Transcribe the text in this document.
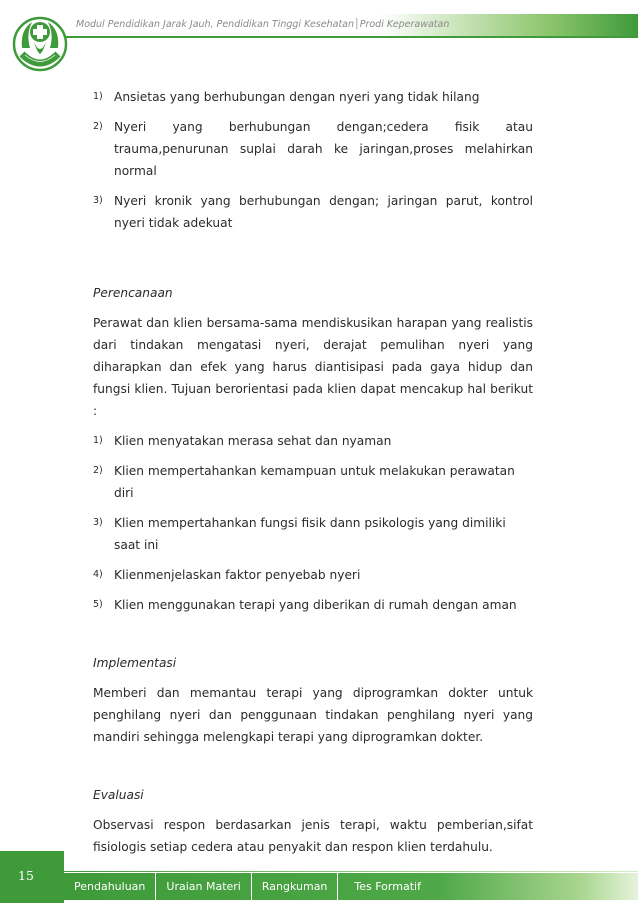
Modul Pendidikan Jarak Jauh, Pendidikan Tinggi Kesehatan│Prodi Keperawatan
1) Ansietas yang berhubungan dengan nyeri yang tidak hilang
2) Nyeri yang berhubungan dengan;cedera fisik atau trauma,penurunan suplai darah ke jaringan,proses melahirkan normal
3) Nyeri kronik yang berhubungan dengan; jaringan parut, kontrol nyeri tidak adekuat

Perencanaan

Perawat dan klien bersama-sama mendiskusikan harapan yang realistis dari tindakan mengatasi nyeri, derajat pemulihan nyeri yang diharapkan dan efek yang harus diantisipasi pada gaya hidup dan fungsi klien. Tujuan berorientasi pada klien dapat mencakup hal berikut :

1) Klien menyatakan merasa sehat dan nyaman
2) Klien mempertahankan kemampuan untuk melakukan perawatan diri
3) Klien mempertahankan fungsi fisik dann psikologis yang dimiliki saat ini
4) Klienmenjelaskan faktor penyebab nyeri
5) Klien menggunakan terapi yang diberikan di rumah dengan aman

Implementasi

Memberi dan memantau terapi yang diprogramkan dokter untuk penghilang nyeri dan penggunaan tindakan penghilang nyeri yang mandiri sehingga melengkapi terapi yang diprogramkan dokter.

Evaluasi

Observasi respon berdasarkan jenis terapi, waktu pemberian,sifat fisiologis setiap cedera atau penyakit dan respon klien terdahulu.

15
Pendahuluan	Uraian Materi	Rangkuman	Tes Formatif
